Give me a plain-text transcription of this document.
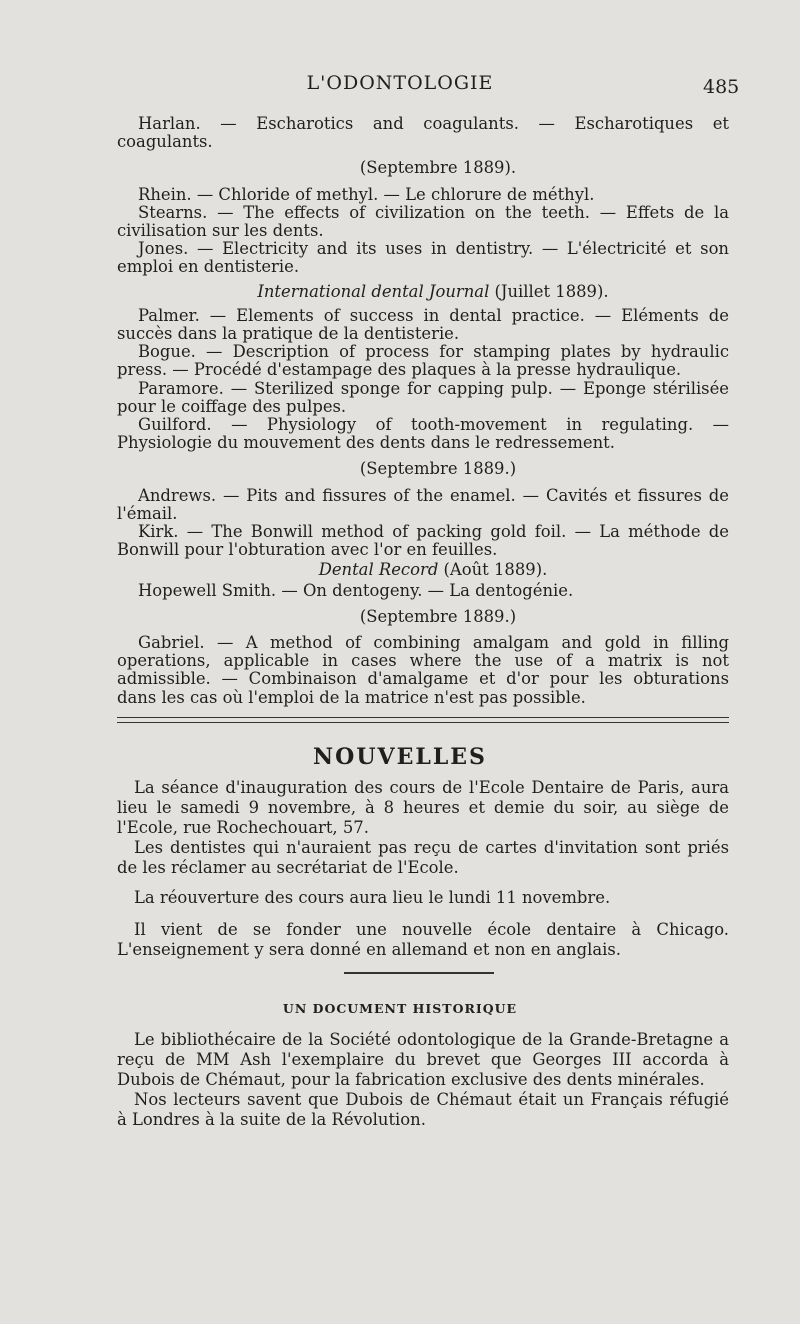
L'ODONTOLOGIE	485

Harlan. — Escharotics and coagulants. — Escharotiques et coagulants.

(Septembre 1889).

Rhein. — Chloride of methyl. — Le chlorure de méthyl.

Stearns. — The effects of civilization on the teeth. — Effets de la civilisation sur les dents.

Jones. — Electricity and its uses in dentistry. — L'électricité et son emploi en dentisterie.

International dental Journal (Juillet 1889).

Palmer. — Elements of success in dental practice. — Eléments de succès dans la pratique de la dentisterie.

Bogue. — Description of process for stamping plates by hydraulic press. — Procédé d'estampage des plaques à la presse hydraulique.

Paramore. — Sterilized sponge for capping pulp. — Eponge stérilisée pour le coiffage des pulpes.

Guilford. — Physiology of tooth-movement in regulating. — Physiologie du mouvement des dents dans le redressement.

(Septembre 1889.)

Andrews. — Pits and fissures of the enamel. — Cavités et fissures de l'émail.

Kirk. — The Bonwill method of packing gold foil. — La méthode de Bonwill pour l'obturation avec l'or en feuilles.

Dental Record (Août 1889).

Hopewell Smith. — On dentogeny. — La dentogénie.

(Septembre 1889.)

Gabriel. — A method of combining amalgam and gold in filling operations, applicable in cases where the use of a matrix is not admissible. — Combinaison d'amalgame et d'or pour les obturations dans les cas où l'emploi de la matrice n'est pas possible.

NOUVELLES

La séance d'inauguration des cours de l'Ecole Dentaire de Paris, aura lieu le samedi 9 novembre, à 8 heures et demie du soir, au siège de l'Ecole, rue Rochechouart, 57.

Les dentistes qui n'auraient pas reçu de cartes d'invitation sont priés de les réclamer au secrétariat de l'Ecole.

La réouverture des cours aura lieu le lundi 11 novembre.

Il vient de se fonder une nouvelle école dentaire à Chicago. L'enseignement y sera donné en allemand et non en anglais.

UN DOCUMENT HISTORIQUE

Le bibliothécaire de la Société odontologique de la Grande-Bretagne a reçu de MM Ash l'exemplaire du brevet que Georges III accorda à Dubois de Chémaut, pour la fabrication exclusive des dents minérales.

Nos lecteurs savent que Dubois de Chémaut était un Français réfugié à Londres à la suite de la Révolution.
